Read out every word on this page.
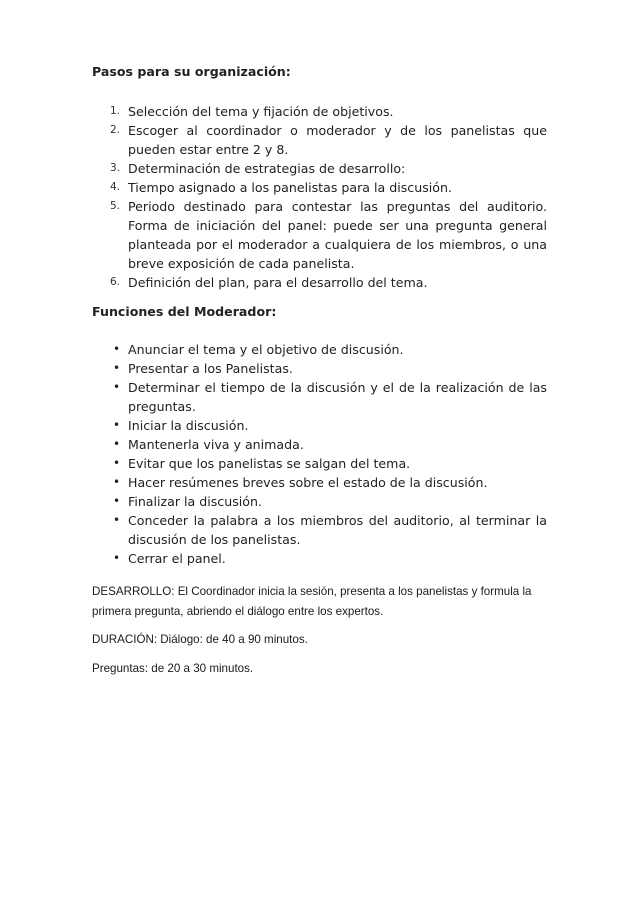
Pasos para su organización:
1. Selección del tema y fijación de objetivos.
2. Escoger al coordinador o moderador y de los panelistas que pueden estar entre 2 y 8.
3. Determinación de estrategias de desarrollo:
4. Tiempo asignado a los panelistas para la discusión.
5. Periodo destinado para contestar las preguntas del auditorio. Forma de iniciación del panel: puede ser una pregunta general planteada por el moderador a cualquiera de los miembros, o una breve exposición de cada panelista.
6. Definición del plan, para el desarrollo del tema.
Funciones del Moderador:
• Anunciar el tema y el objetivo de discusión.
• Presentar a los Panelistas.
• Determinar el tiempo de la discusión y el de la realización de las preguntas.
• Iniciar la discusión.
• Mantenerla viva y animada.
• Evitar que los panelistas se salgan del tema.
• Hacer resúmenes breves sobre el estado de la discusión.
• Finalizar la discusión.
• Conceder la palabra a los miembros del auditorio, al terminar la discusión de los panelistas.
• Cerrar el panel.

DESARROLLO: El Coordinador inicia la sesión, presenta a los panelistas y formula la primera pregunta, abriendo el diálogo entre los expertos.

DURACIÓN: Diálogo: de 40 a 90 minutos.

Preguntas: de 20 a 30 minutos.
